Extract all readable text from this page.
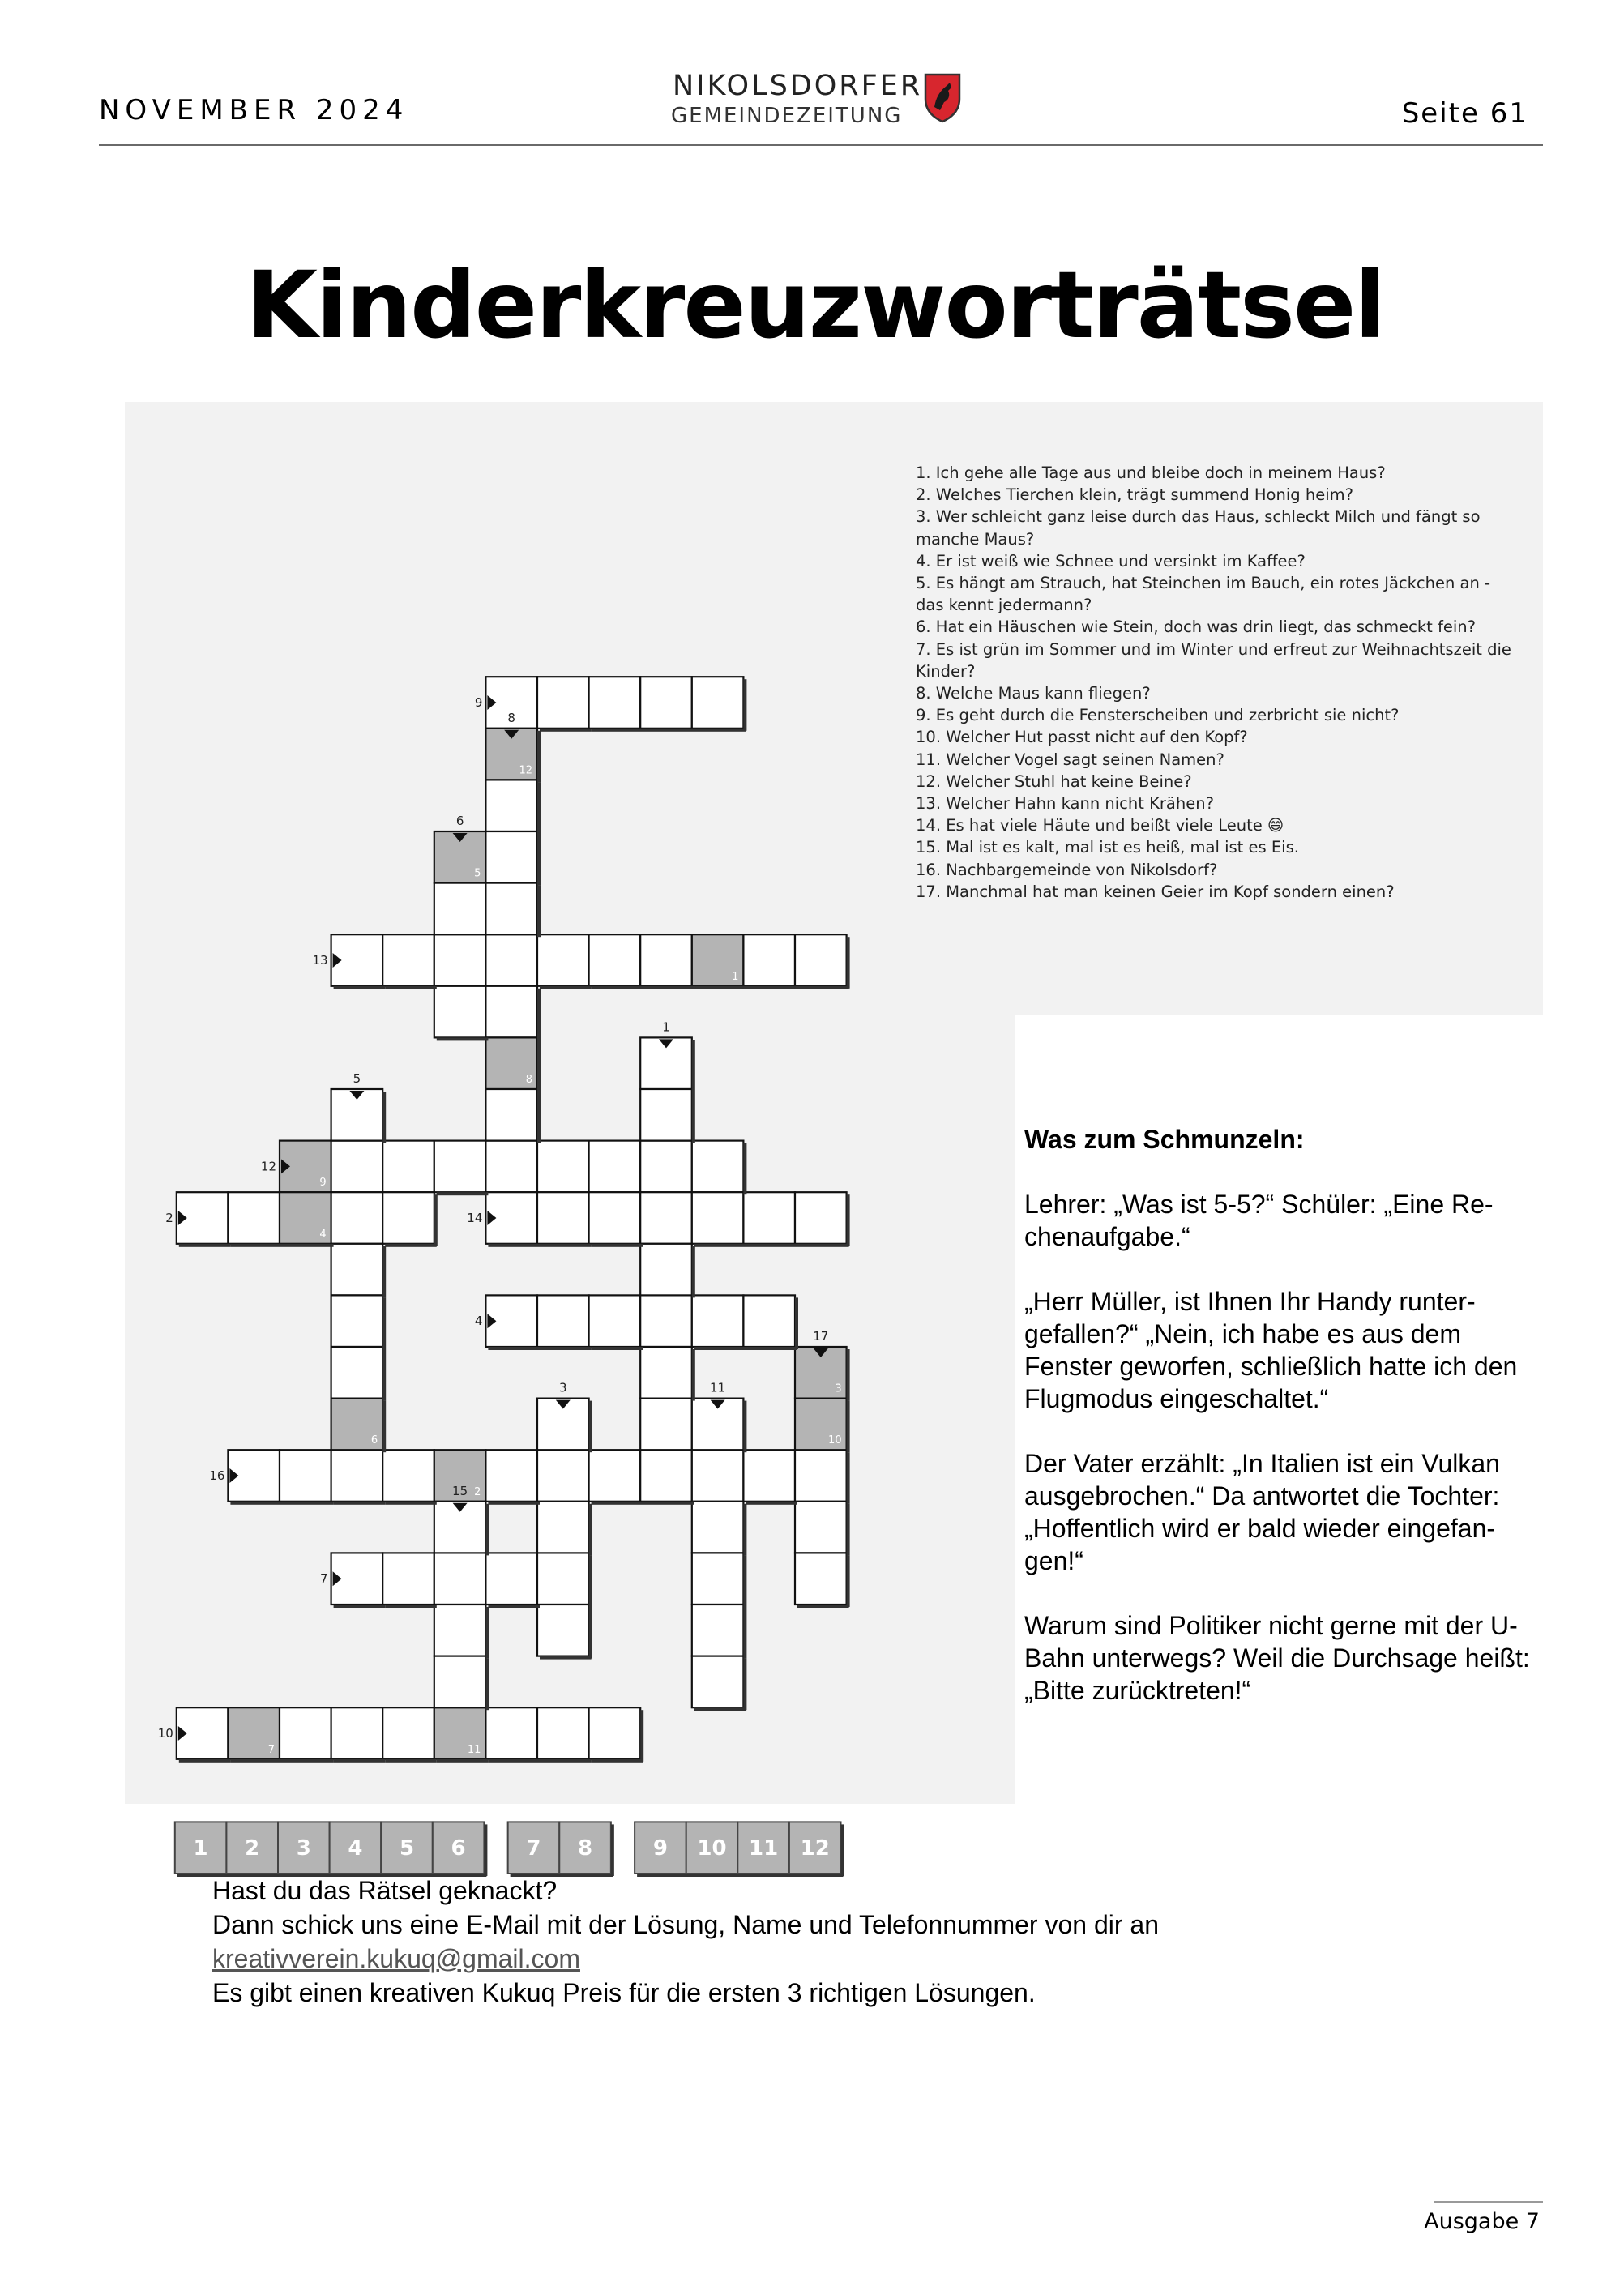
NOVEMBER 2024
NIKOLSDORFER
GEMEINDEZEITUNG	Seite 61
Kinderkreuzworträtsel
1
9
4
2
7	11
12
8
5
6
3
10
9
13
12
2	14
4
16
7
10
8
6
5
1
3	11
17
15
1 2 3 4 5 6	7 8	9 10 11 12
1. Ich gehe alle Tage aus und bleibe doch in meinem Haus?
2. Welches Tierchen klein, trägt summend Honig heim?
3. Wer schleicht ganz leise durch das Haus, schleckt Milch und fängt so manche Maus?
4. Er ist weiß wie Schnee und versinkt im Kaffee?
5. Es hängt am Strauch, hat Steinchen im Bauch, ein rotes Jäckchen an - das kennt jedermann?
6. Hat ein Häuschen wie Stein, doch was drin liegt, das schmeckt fein?
7. Es ist grün im Sommer und im Winter und erfreut zur Weihnachtszeit die Kinder?
8. Welche Maus kann fliegen?
9. Es geht durch die Fensterscheiben und zerbricht sie nicht?
10. Welcher Hut passt nicht auf den Kopf?
11. Welcher Vogel sagt seinen Namen?
12. Welcher Stuhl hat keine Beine?
13. Welcher Hahn kann nicht Krähen?
14. Es hat viele Häute und beißt viele Leute 😄
15. Mal ist es kalt, mal ist es heiß, mal ist es Eis.
16. Nachbargemeinde von Nikolsdorf?
17. Manchmal hat man keinen Geier im Kopf sondern einen?
Was zum Schmunzeln:

Lehrer: „Was ist 5-5?“ Schüler: „Eine Re-chenaufgabe.“

„Herr Müller, ist Ihnen Ihr Handy runter-gefallen?“ „Nein, ich habe es aus dem Fenster geworfen, schließlich hatte ich den Flugmodus eingeschaltet.“

Der Vater erzählt: „In Italien ist ein Vulkan ausgebrochen.“ Da antwortet die Tochter: „Hoffentlich wird er bald wieder eingefan-gen!“

Warum sind Politiker nicht gerne mit der U-Bahn unterwegs? Weil die Durchsage heißt: „Bitte zurücktreten!“

Hast du das Rätsel geknackt?
Dann schick uns eine E-Mail mit der Lösung, Name und Telefonnummer von dir an
kreativverein.kukuq@gmail.com
Es gibt einen kreativen Kukuq Preis für die ersten 3 richtigen Lösungen.
Ausgabe 7
